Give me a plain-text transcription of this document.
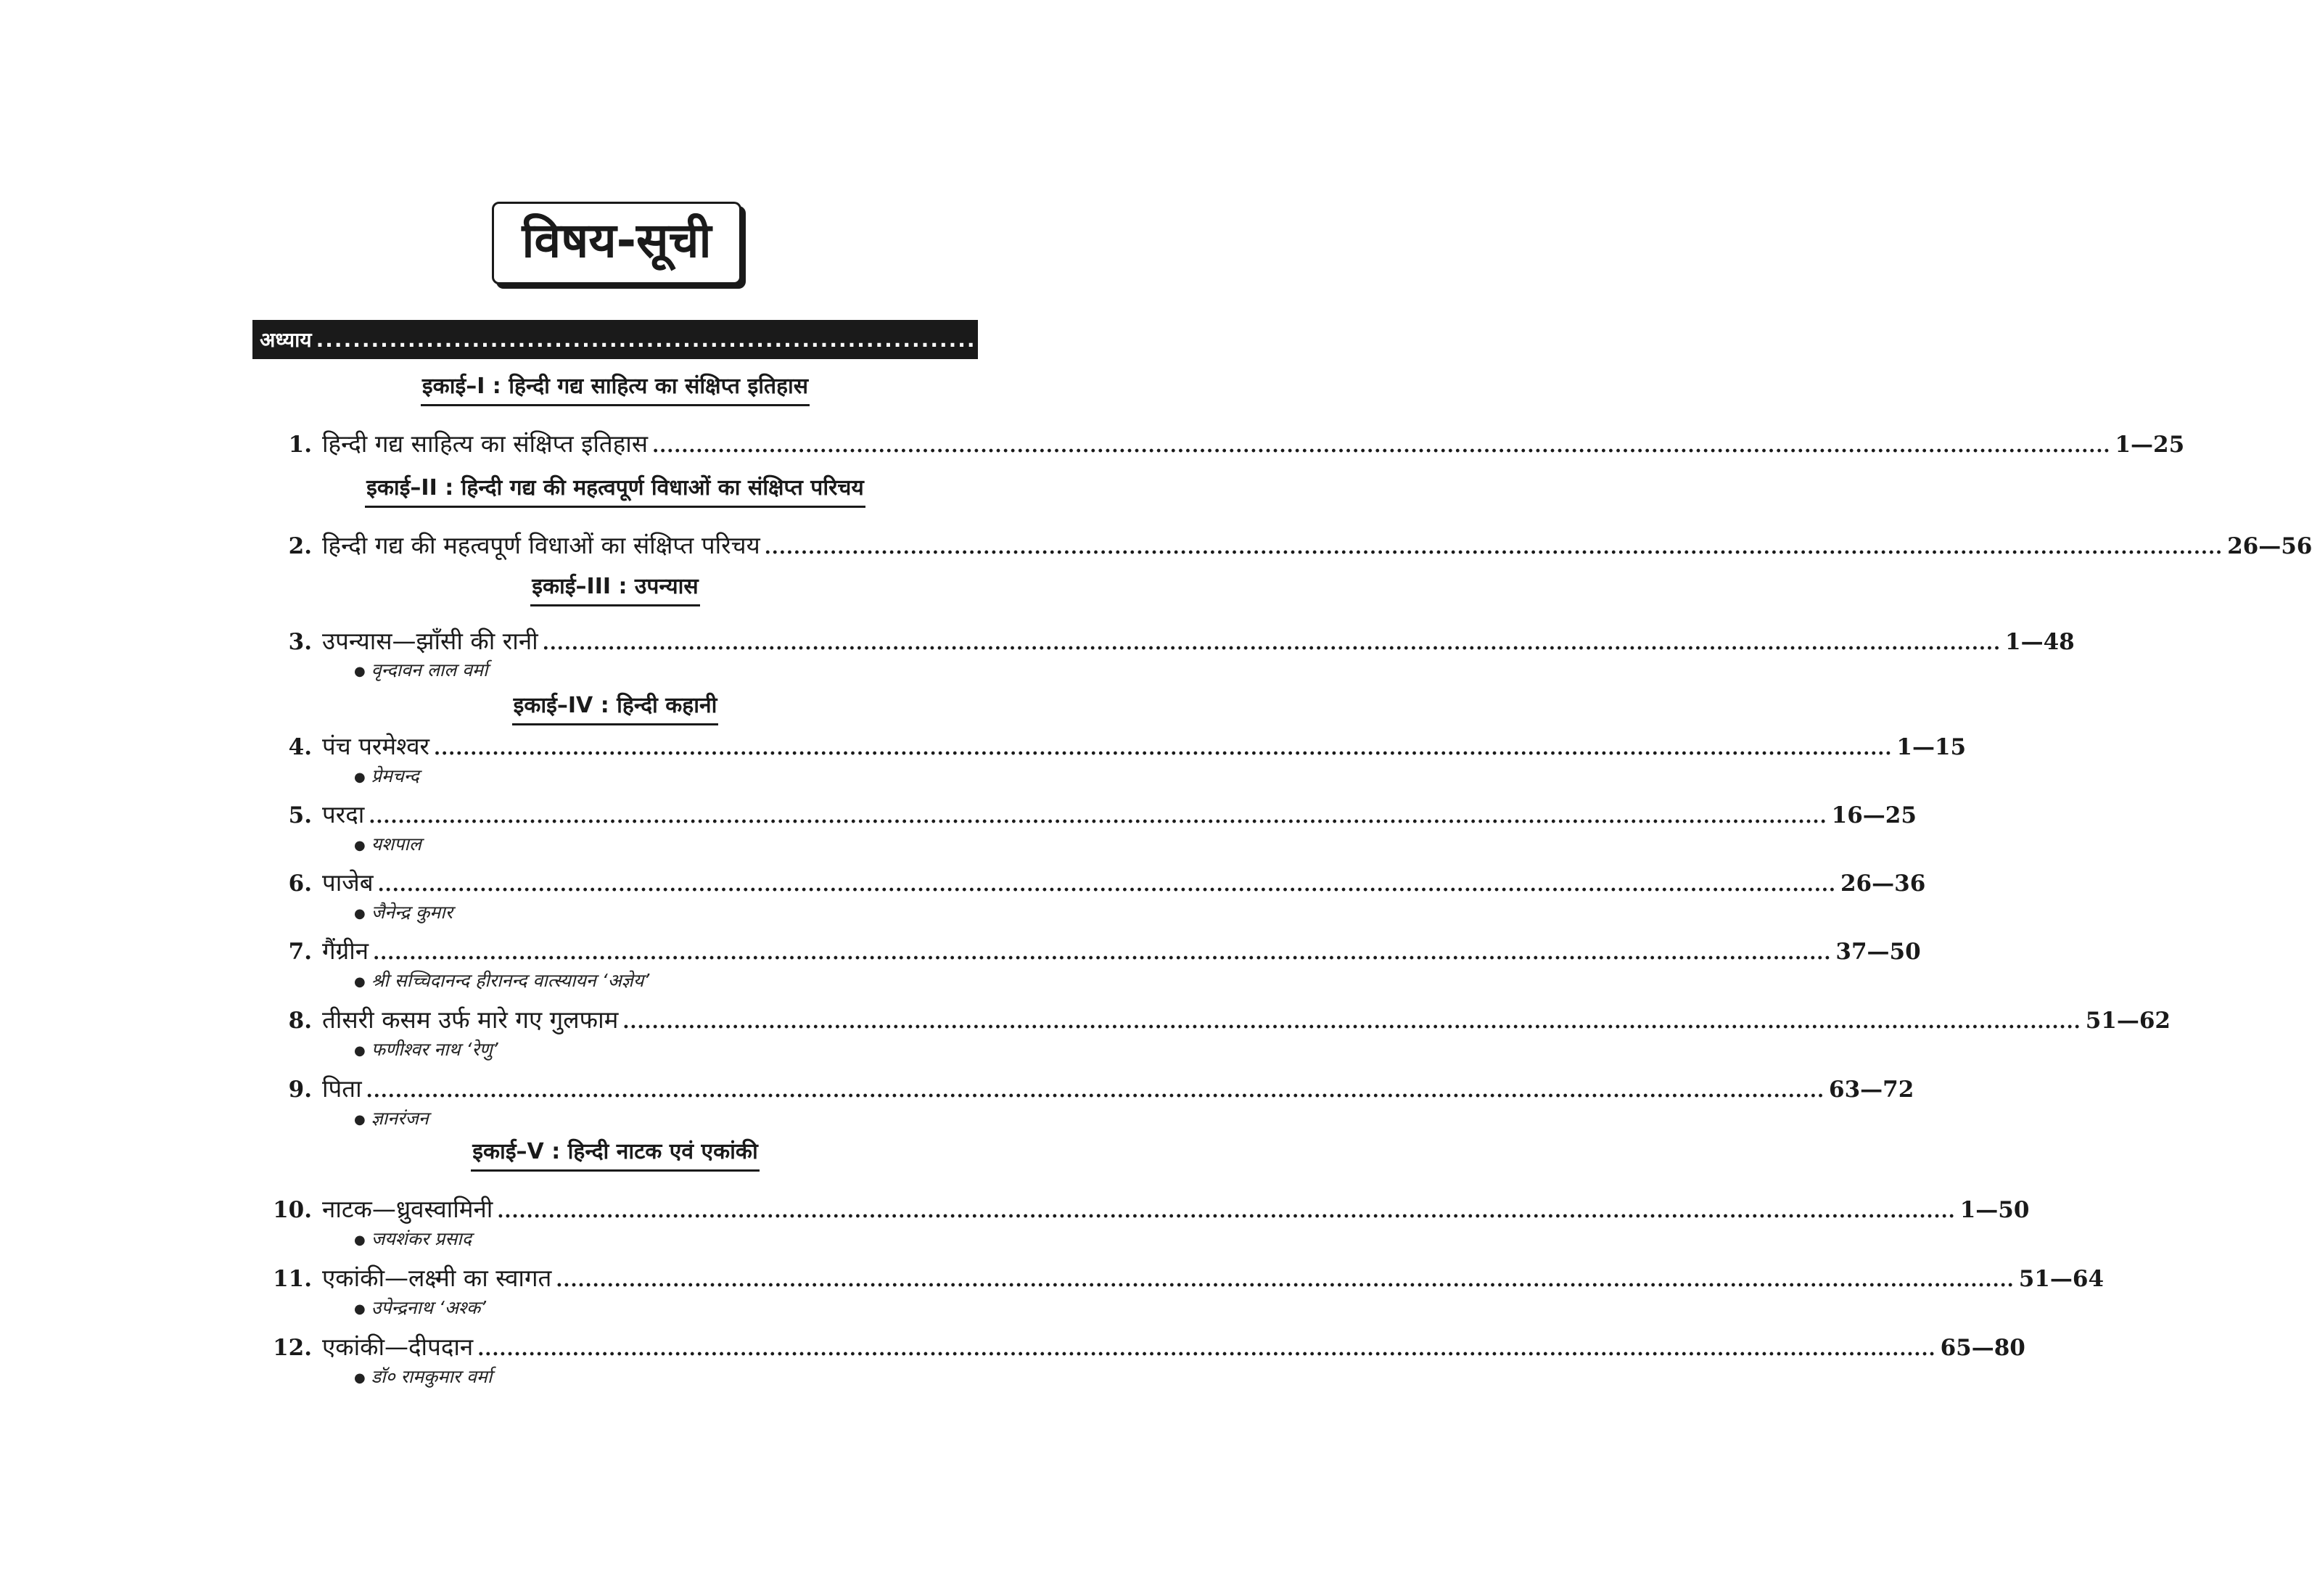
विषय-सूची
अध्याय .........................................................................................................................................................
पृष्ठ–संख्या
इकाई–I : हिन्दी गद्य साहित्य का संक्षिप्त इतिहास
1. हिन्दी गद्य साहित्य का संक्षिप्त इतिहास .....	1—25
इकाई–II : हिन्दी गद्य की महत्वपूर्ण विधाओं का संक्षिप्त परिचय
2. हिन्दी गद्य की महत्वपूर्ण विधाओं का संक्षिप्त परिचय .....	26—56
इकाई–III : उपन्यास
3. उपन्यास—झाँसी की रानी .....	1—48
● वृन्दावन लाल वर्मा
इकाई–IV : हिन्दी कहानी
4. पंच परमेश्वर .....	1—15
● प्रेमचन्द
5. परदा .....	16—25
● यशपाल
6. पाजेब .....	26—36
● जैनेन्द्र कुमार
7. गैंग्रीन .....	37—50
● श्री सच्चिदानन्द हीरानन्द वात्स्यायन ‘अज्ञेय’
8. तीसरी कसम उर्फ मारे गए गुलफाम .....	51—62
● फणीश्वर नाथ ‘रेणु’
9. पिता .....	63—72
● ज्ञानरंजन
इकाई–V : हिन्दी नाटक एवं एकांकी
10. नाटक—ध्रुवस्वामिनी .....	1—50
● जयशंकर प्रसाद
11. एकांकी—लक्ष्मी का स्वागत .....	51—64
● उपेन्द्रनाथ ‘अश्क’
12. एकांकी—दीपदान .....	65—80
● डॉ० रामकुमार वर्मा
